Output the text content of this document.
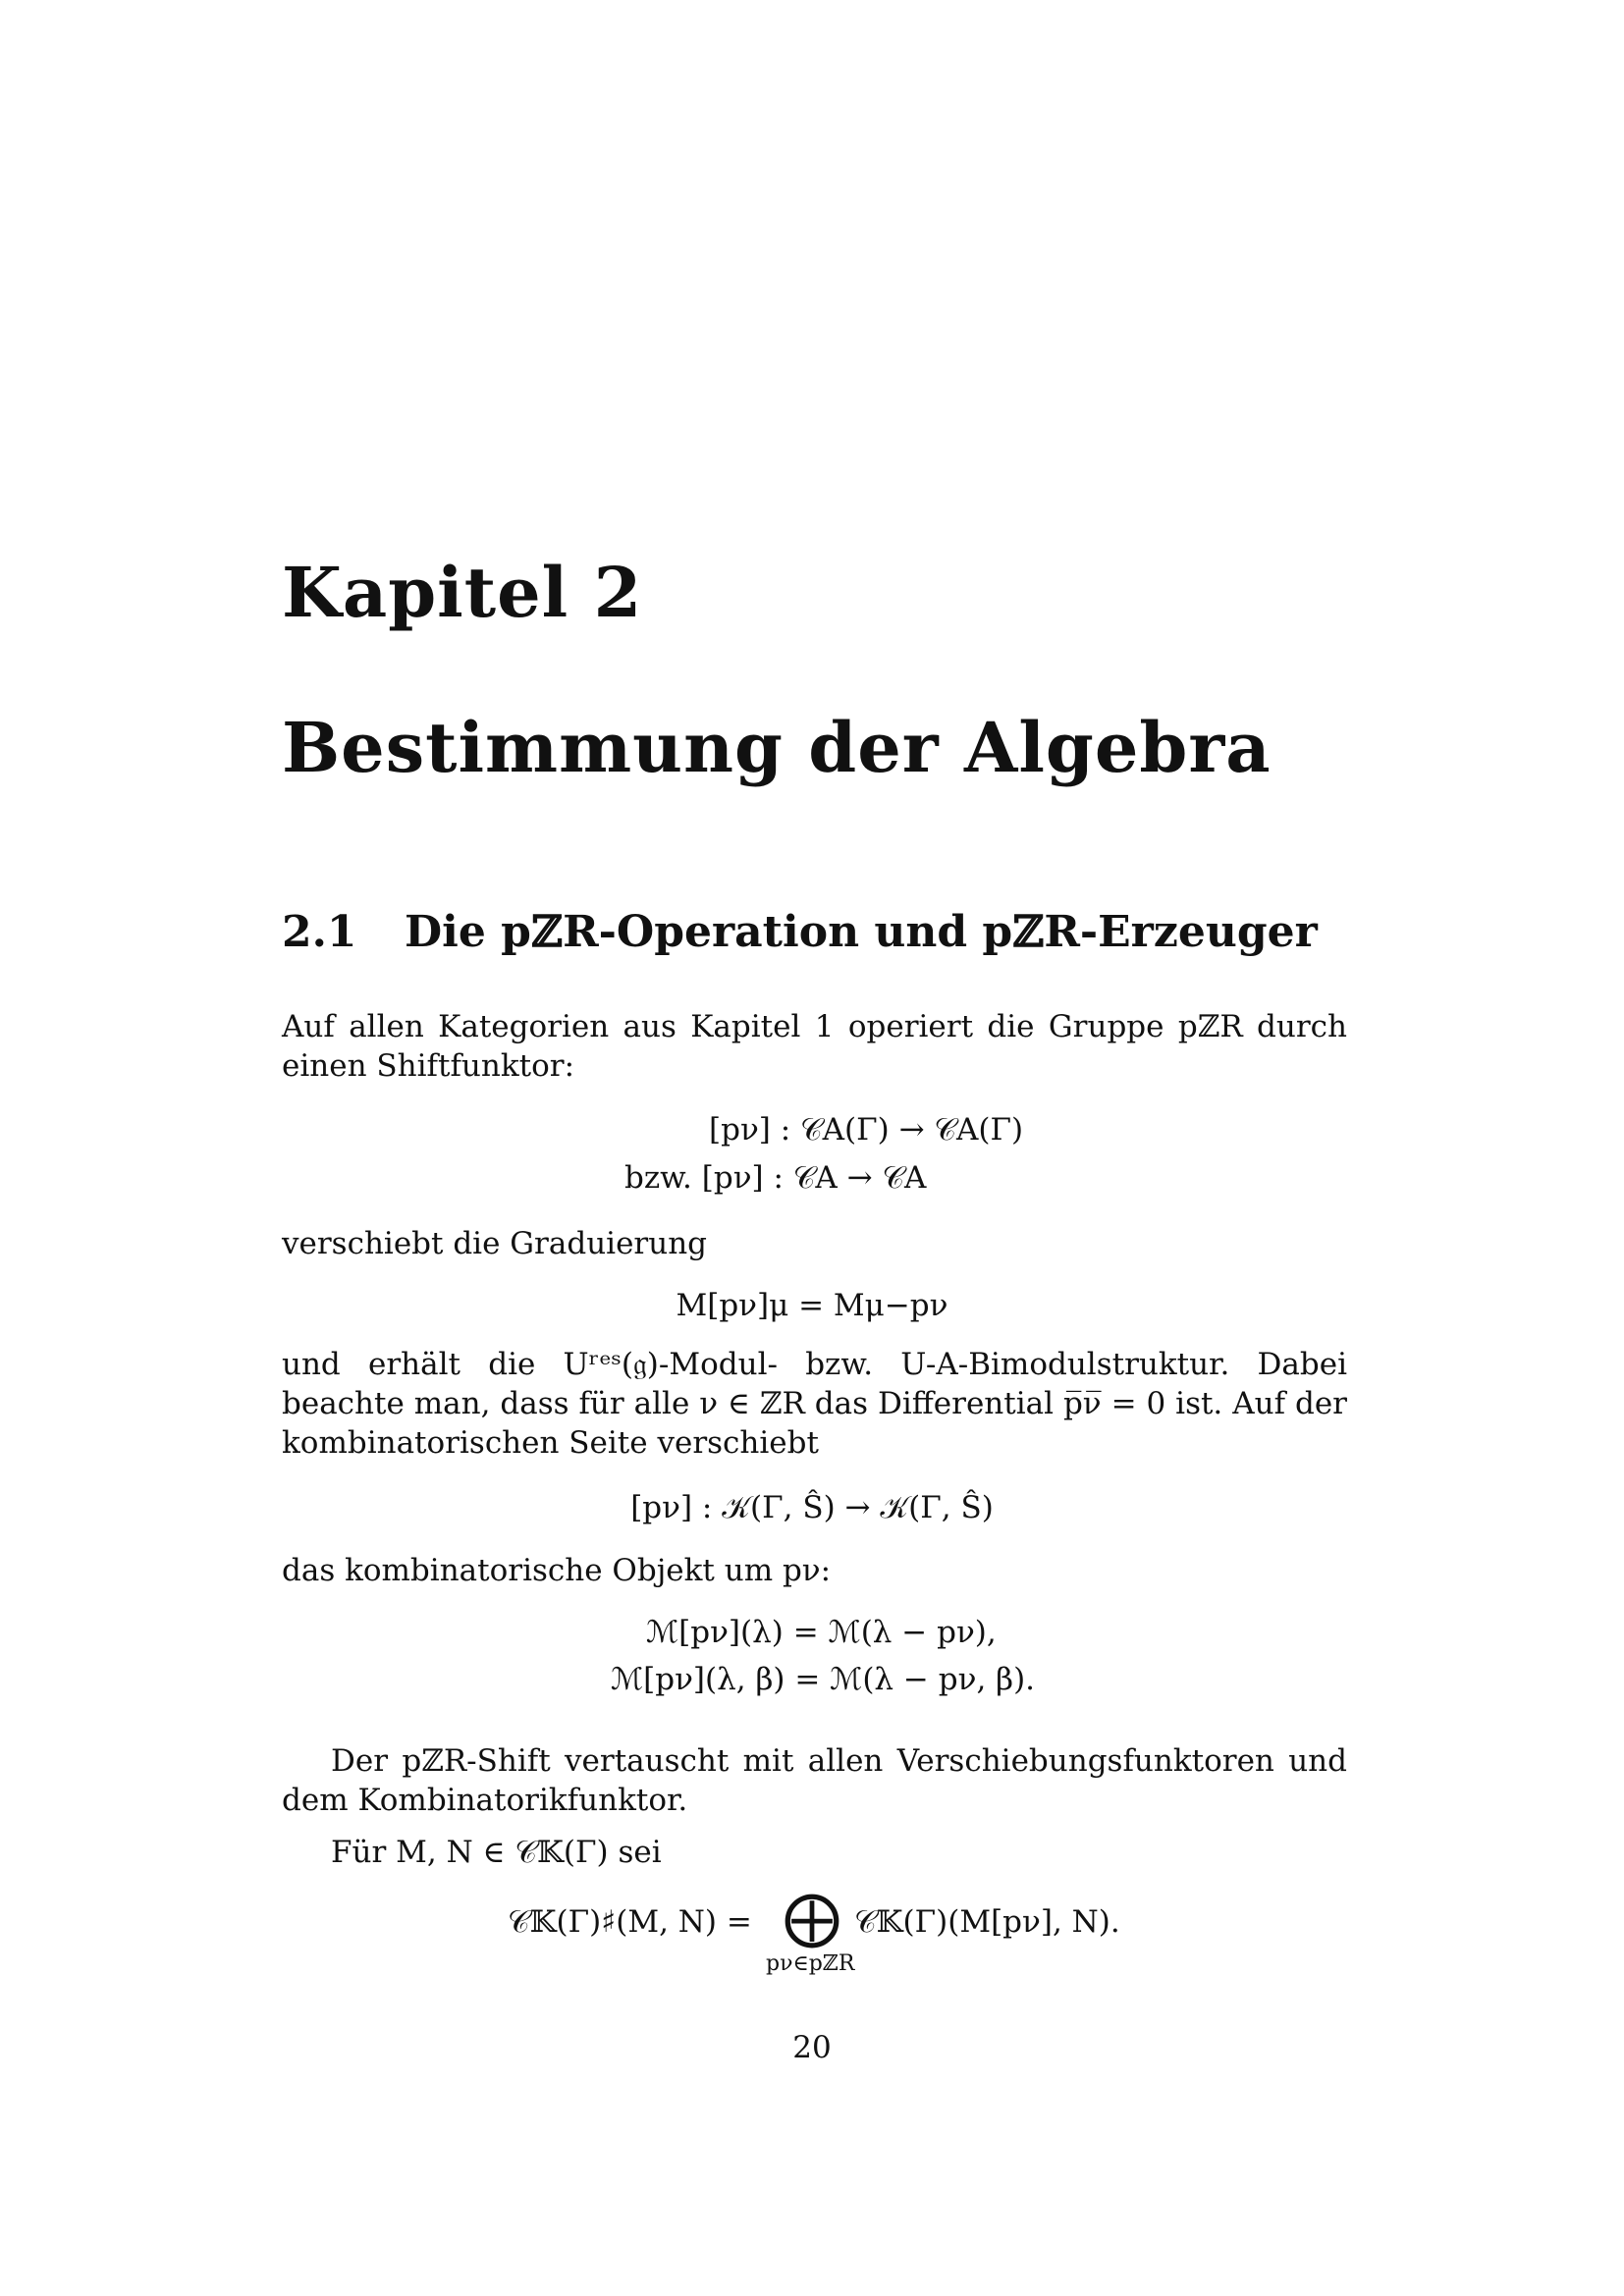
Kapitel 2
Bestimmung der Algebra
2.1 Die pℤR-Operation und pℤR-Erzeuger
Auf allen Kategorien aus Kapitel 1 operiert die Gruppe pℤR durch einen Shiftfunktor:
[pν] : 𝒞A(Γ) → 𝒞A(Γ)
bzw. [pν] : 𝒞A → 𝒞A
verschiebt die Graduierung
M[pν]μ = Mμ−pν
und erhält die Uʳᵉˢ(𝔤)-Modul- bzw. U-A-Bimodulstruktur. Dabei beachte man, dass für alle ν ∈ ℤR das Differential p̅ν̅ = 0 ist. Auf der kombinatorischen Seite verschiebt
[pν] : 𝒦(Γ, Ŝ) → 𝒦(Γ, Ŝ)
das kombinatorische Objekt um pν:
ℳ[pν](λ) = ℳ(λ − pν),
ℳ[pν](λ, β) = ℳ(λ − pν, β).
Der pℤR-Shift vertauscht mit allen Verschiebungsfunktoren und dem Kombinatorikfunktor.
Für M, N ∈ 𝒞𝕂(Γ) sei
𝒞𝕂(Γ)♯(M, N) = ⨁
pν∈pℤR
𝒞𝕂(Γ)(M[pν], N).
20
